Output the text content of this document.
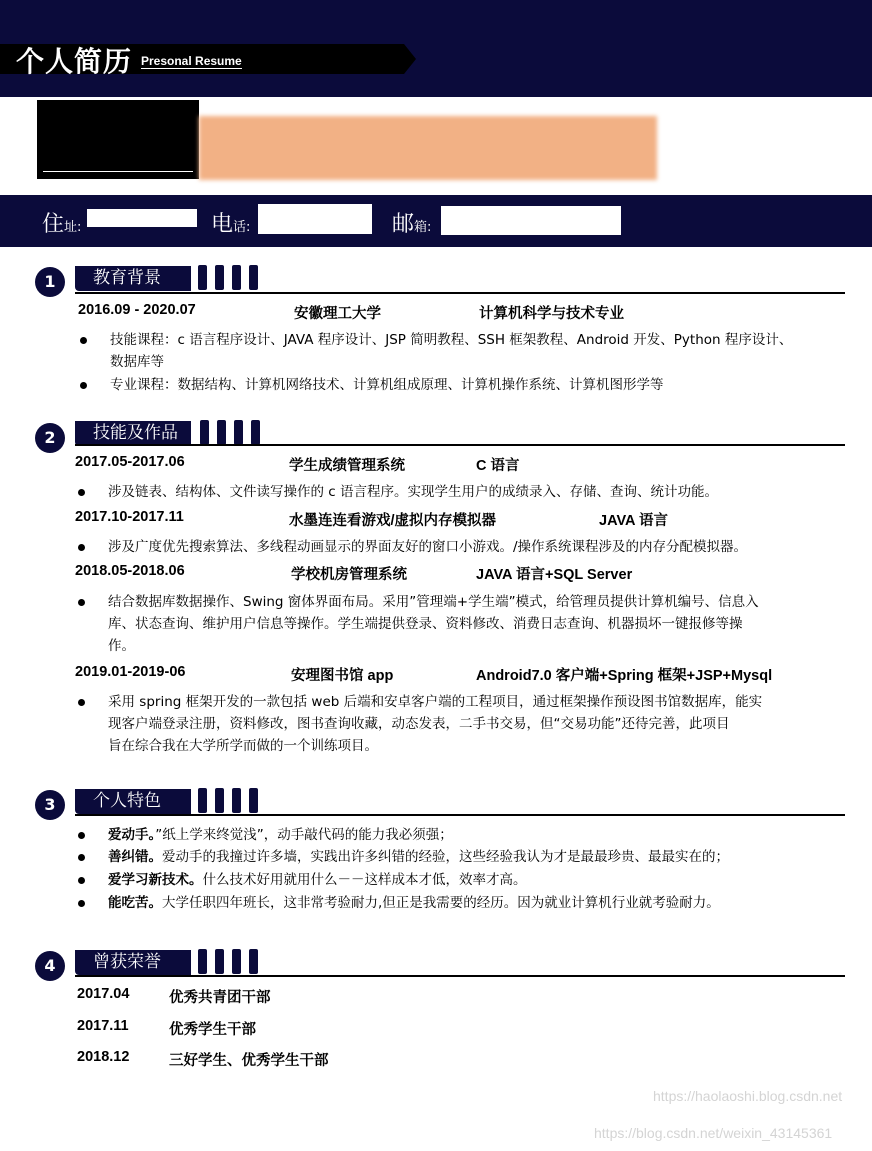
个人简历 Presonal Resume
住址:	电话:	邮箱:
1	教育背景
2016.09 - 2020.07	安徽理工大学	计算机科学与技术专业
技能课程：c 语言程序设计、JAVA 程序设计、JSP 简明教程、SSH 框架教程、Android 开发、Python 程序设计、
数据库等
专业课程：数据结构、计算机网络技术、计算机组成原理、计算机操作系统、计算机图形学等
2	技能及作品
2017.05-2017.06	学生成绩管理系统	C 语言
涉及链表、结构体、文件读写操作的 c 语言程序。实现学生用户的成绩录入、存储、查询、统计功能。
2017.10-2017.11	水墨连连看游戏/虚拟内存模拟器	JAVA 语言
涉及广度优先搜索算法、多线程动画显示的界面友好的窗口小游戏。/操作系统课程涉及的内存分配模拟器。
2018.05-2018.06	学校机房管理系统	JAVA 语言+SQL Server
结合数据库数据操作、Swing 窗体界面布局。采用”管理端+学生端”模式，给管理员提供计算机编号、信息入
库、状态查询、维护用户信息等操作。学生端提供登录、资料修改、消费日志查询、机器损坏一键报修等操
作。
2019.01-2019-06	安理图书馆 app	Android7.0 客户端+Spring 框架+JSP+Mysql
采用 spring 框架开发的一款包括 web 后端和安卓客户端的工程项目，通过框架操作预设图书馆数据库，能实
现客户端登录注册，资料修改，图书查询收藏，动态发表，二手书交易，但“交易功能”还待完善，此项目
旨在综合我在大学所学而做的一个训练项目。
3	个人特色
爱动手。”纸上学来终觉浅”，动手敲代码的能力我必须强；
善纠错。爱动手的我撞过许多墙，实践出许多纠错的经验，这些经验我认为才是最最珍贵、最最实在的；
爱学习新技术。什么技术好用就用什么－－这样成本才低，效率才高。
能吃苦。大学任职四年班长，这非常考验耐力,但正是我需要的经历。因为就业计算机行业就考验耐力。
4	曾获荣誉
2017.04	优秀共青团干部
2017.11	优秀学生干部
2018.12	三好学生、优秀学生干部
https://haolaoshi.blog.csdn.net
https://blog.csdn.net/weixin_43145361
